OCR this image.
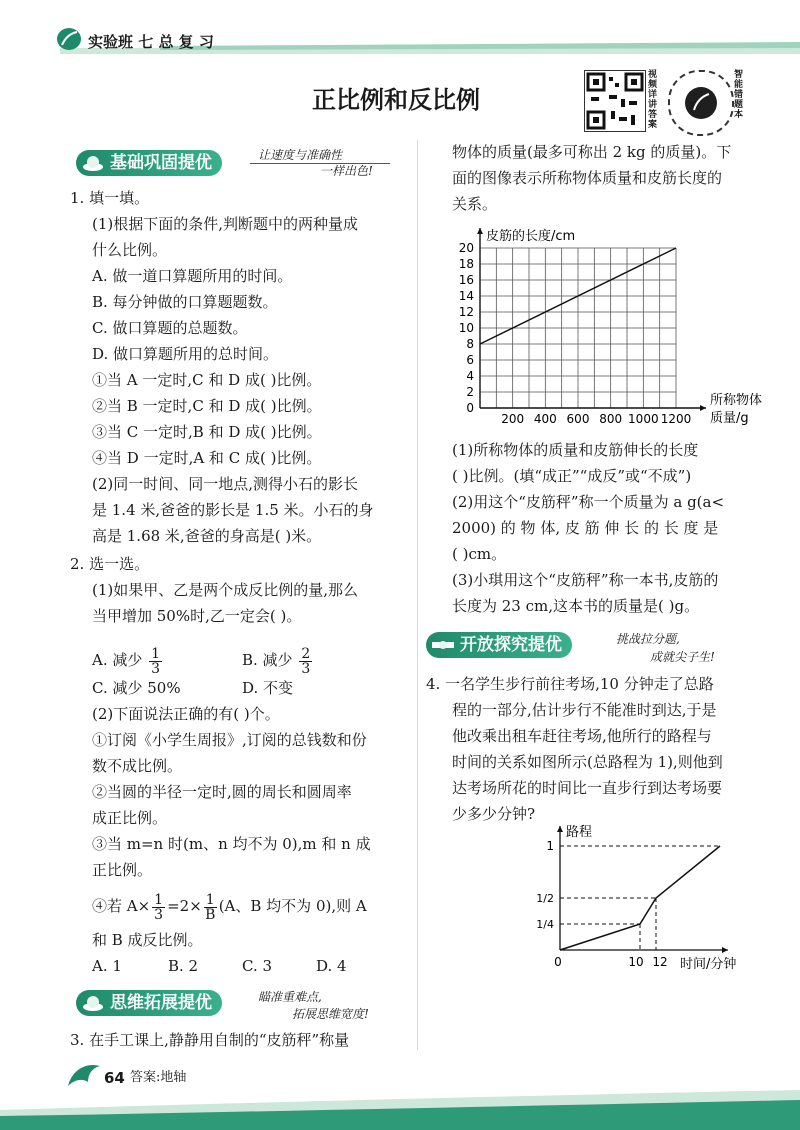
实验班 七 总 复 习
正比例和反比例
视频详讲答案
智能错题本
基础巩固提优	让速度与准确性
一样出色!
1. 填一填。
(1)根据下面的条件,判断题中的两种量成
什么比例。
A. 做一道口算题所用的时间。
B. 每分钟做的口算题题数。
C. 做口算题的总题数。
D. 做口算题所用的总时间。
①当 A 一定时,C 和 D 成( )比例。
②当 B 一定时,C 和 D 成( )比例。
③当 C 一定时,B 和 D 成( )比例。
④当 D 一定时,A 和 C 成( )比例。
(2)同一时间、同一地点,测得小石的影长
是 1.4 米,爸爸的影长是 1.5 米。小石的身
高是 1.68 米,爸爸的身高是( )米。
2. 选一选。
(1)如果甲、乙是两个成反比例的量,那么
当甲增加 50%时,乙一定会( )。
A. 减少 $\frac{1}{3}$	B. 减少 $\frac{2}{3}$
C. 减少 50%	D. 不变
(2)下面说法正确的有( )个。
①订阅《小学生周报》,订阅的总钱数和份
数不成比例。
②当圆的半径一定时,圆的周长和圆周率
成正比例。
③当 m=n 时(m、n 均不为 0),m 和 n 成
正比例。
④若 $A\times \frac{1}{3} =2\times \frac{1}{B} (A$、B 均不为 0),则 A
和 B 成反比例。
A. 1	B. 2	C. 3	D. 4
思维拓展提优	瞄准重难点,
拓展思维宽度!
3. 在手工课上,静静用自制的“皮筋秤”称量
物体的质量(最多可称出 2 kg 的质量)。下
面的图像表示所称物体质量和皮筋长度的
关系。
2
4
6
8
10
12
14
16
18
20
0
200 400 600 800 1000 1200
皮筋的长度/cm
所称物体
质量/g
(1)所称物体的质量和皮筋伸长的长度
( )比例。(填“成正”“成反”或“不成”)
(2)用这个“皮筋秤”称一个质量为 a g(a<
2000) 的 物 体, 皮 筋 伸 长 的 长 度 是
( )cm。
(3)小琪用这个“皮筋秤”称一本书,皮筋的
长度为 23 cm,这本书的质量是( )g。
开放探究提优	挑战拉分题,
成就尖子生!
4. 一名学生步行前往考场,10 分钟走了总路
程的一部分,估计步行不能准时到达,于是
他改乘出租车赶往考场,他所行的路程与
时间的关系如图所示(总路程为 1),则他到
达考场所花的时间比一直步行到达考场要
少多少分钟?
路程
时间/分钟
0	10 12
1
1/2
1/4
64 答案:地轴
